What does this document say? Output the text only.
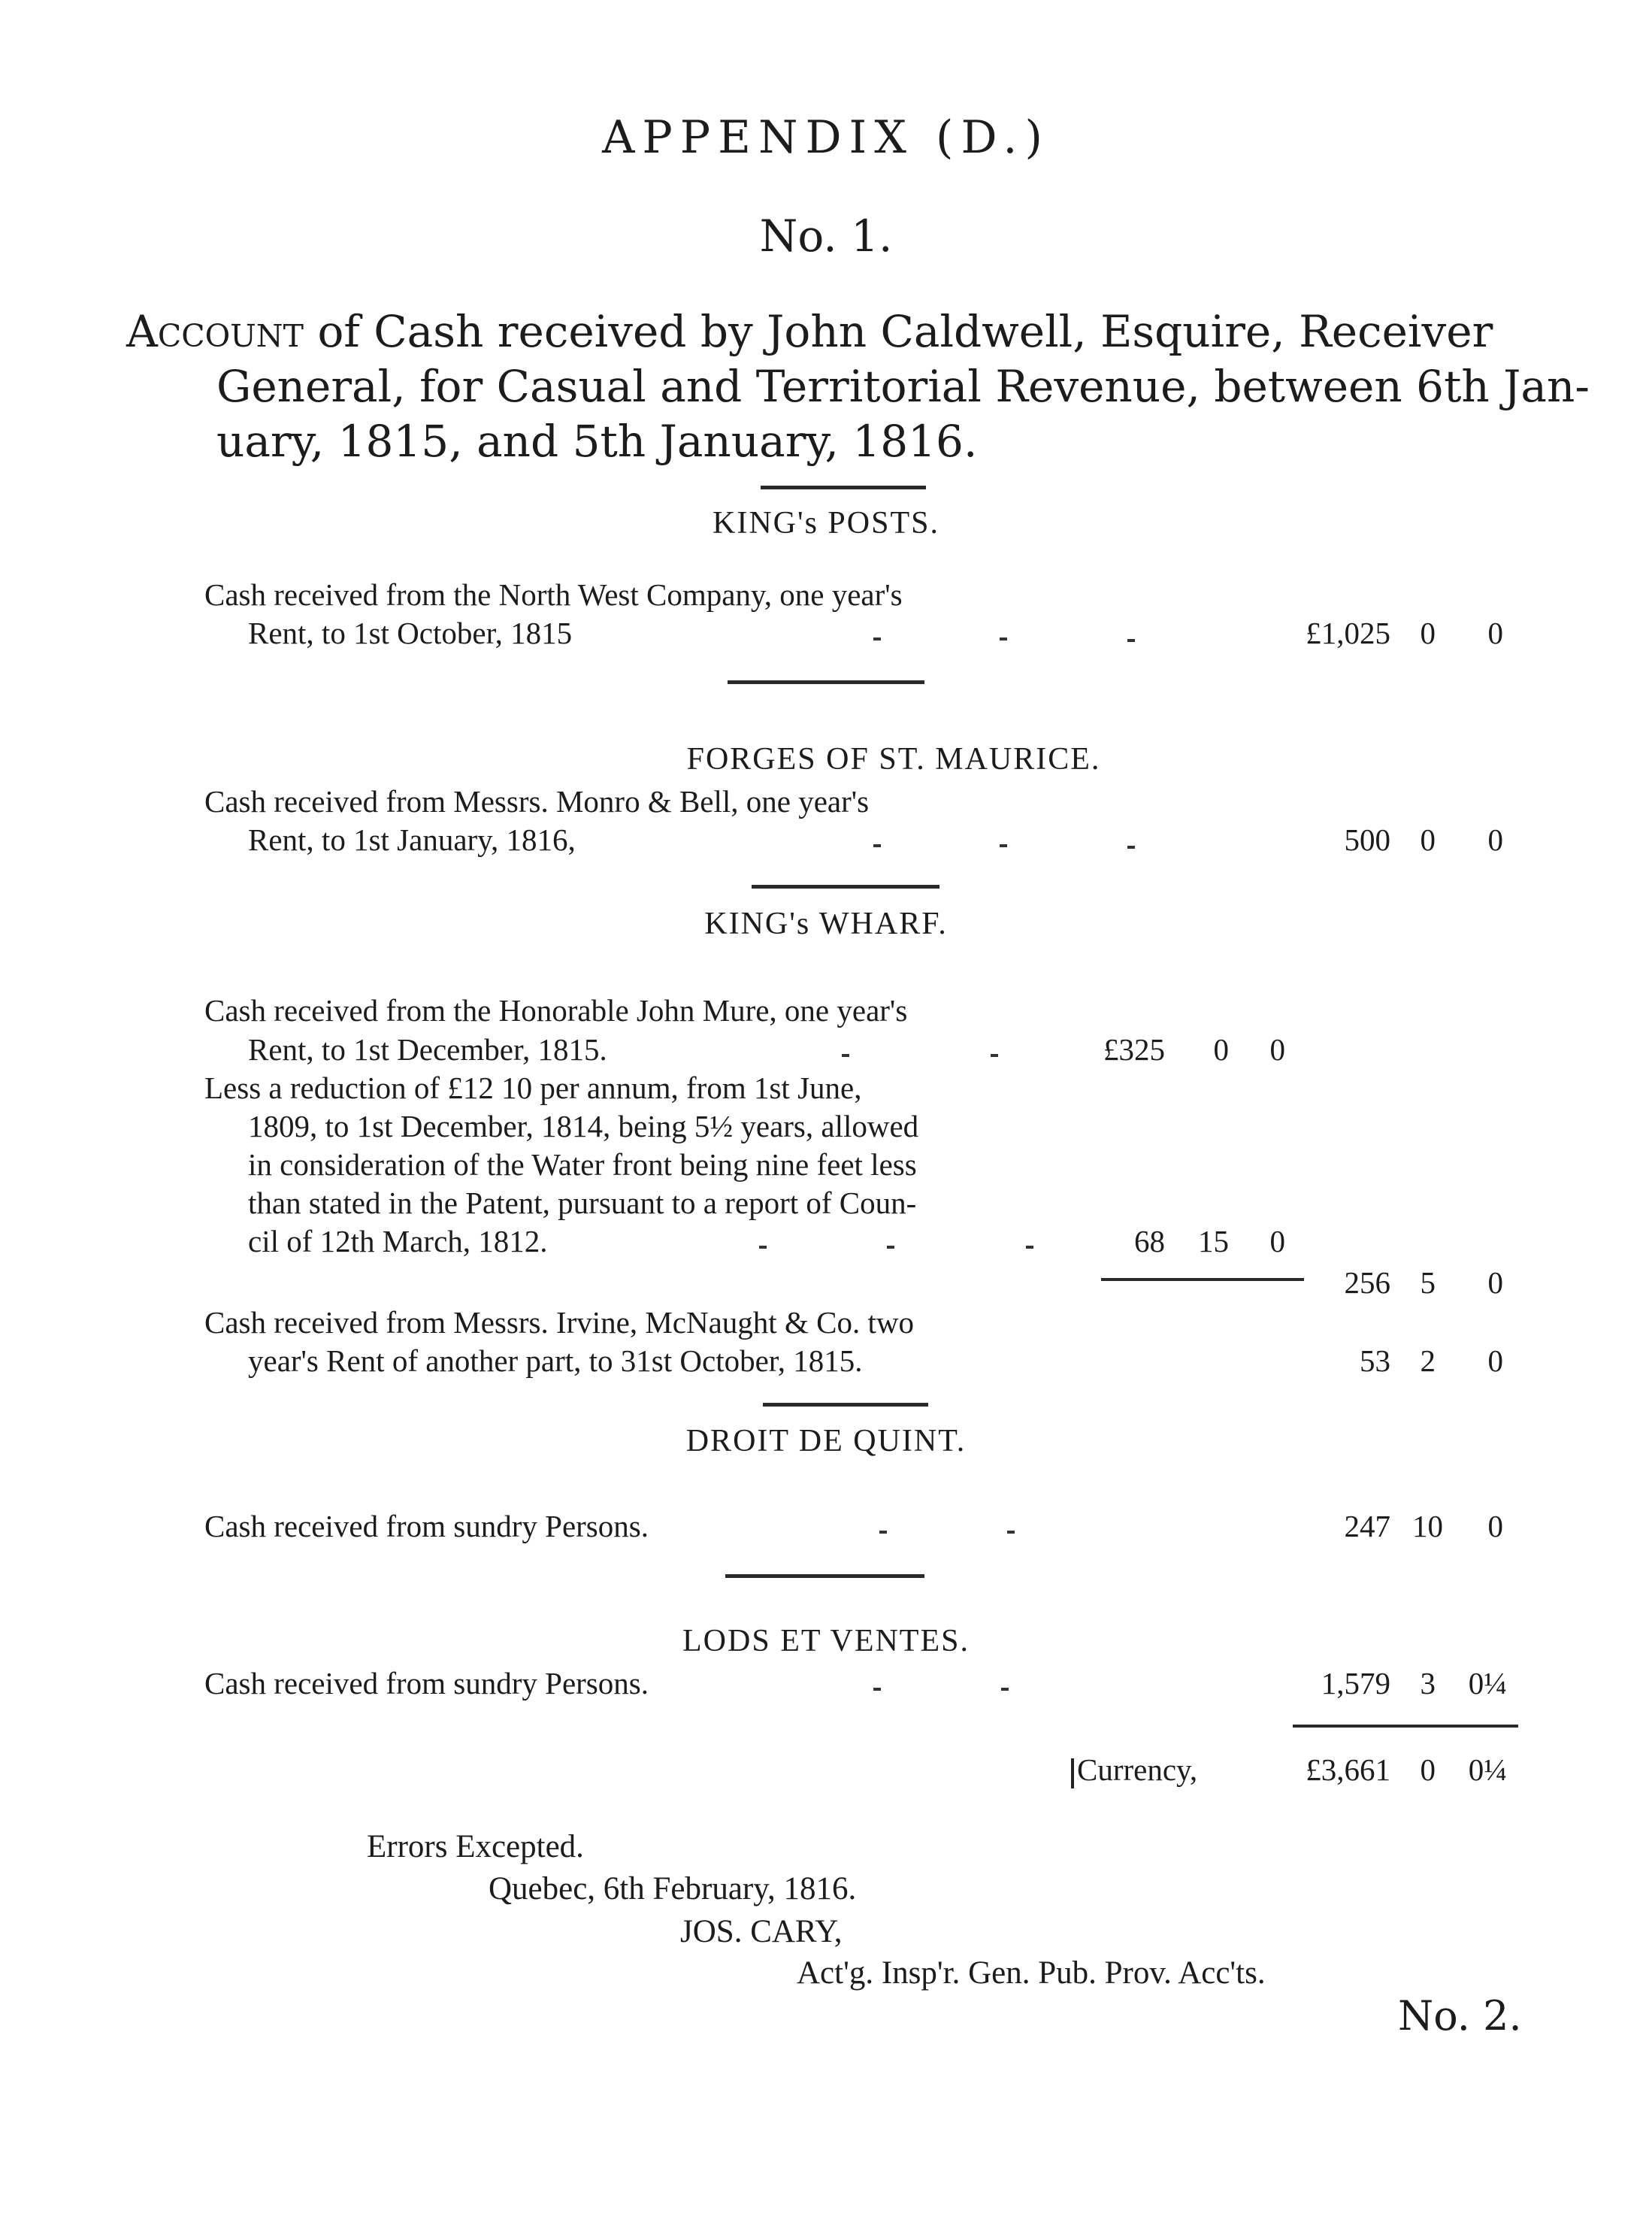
APPENDIX (D.)
No. 1.
Account of Cash received by John Caldwell, Esquire, Receiver
General, for Casual and Territorial Revenue, between 6th Jan-
uary, 1815, and 5th January, 1816.
KING's POSTS.
Cash received from the North West Company, one year's
Rent, to 1st October, 1815	£1,025 0	0
FORGES OF ST. MAURICE.
Cash received from Messrs. Monro & Bell, one year's
Rent, to 1st January, 1816,	500 0	0
KING's WHARF.
Cash received from the Honorable John Mure, one year's
Rent, to 1st December, 1815.	£325	0	0
Less a reduction of £12 10 per annum, from 1st June,
1809, to 1st December, 1814, being 5½ years, allowed
in consideration of the Water front being nine feet less
than stated in the Patent, pursuant to a report of Coun-
cil of 12th March, 1812.	68	15	0
256 5	0
Cash received from Messrs. Irvine, McNaught & Co. two
year's Rent of another part, to 31st October, 1815.	53 2	0
DROIT DE QUINT.
Cash received from sundry Persons.	247 10	0
LODS ET VENTES.
Cash received from sundry Persons.	1,579 3	0¼
Currency,	£3,661 0	0¼
Errors Excepted.
Quebec, 6th February, 1816.
JOS. CARY,
Act'g. Insp'r. Gen. Pub. Prov. Acc'ts.
No. 2.
